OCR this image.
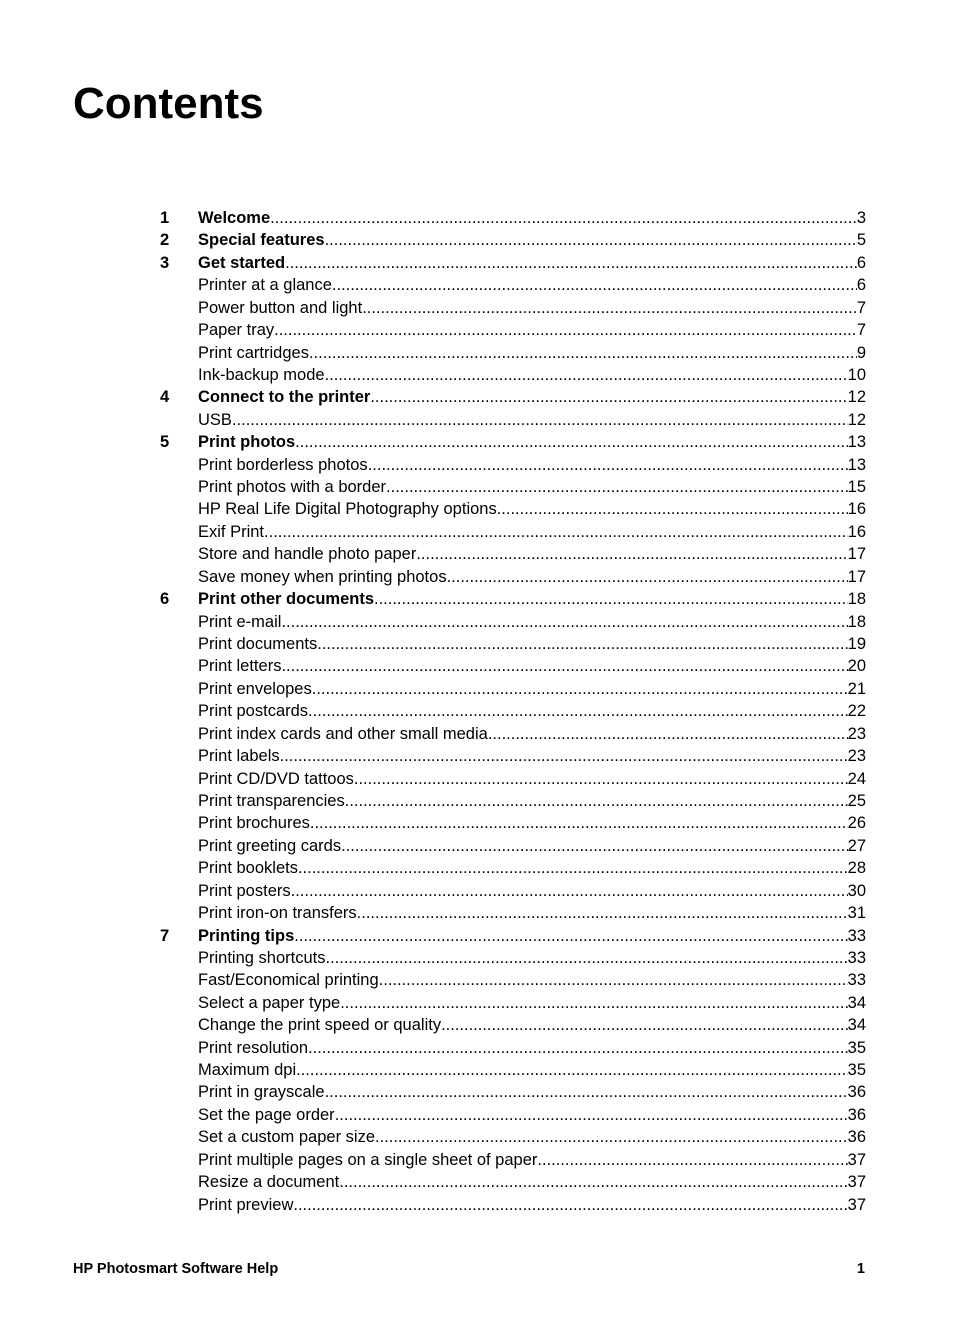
Contents
1	Welcome .....	3
2	Special features .....	5
3	Get started .....	6
Printer at a glance .....	6
Power button and light .....	7
Paper tray .....	7
Print cartridges .....	9
Ink-backup mode .....	10
4	Connect to the printer .....	12
USB .....	12
5	Print photos .....	13
Print borderless photos .....	13
Print photos with a border .....	15
HP Real Life Digital Photography options .....	16
Exif Print .....	16
Store and handle photo paper .....	17
Save money when printing photos .....	17
6	Print other documents .....	18
Print e-mail .....	18
Print documents .....	19
Print letters .....	20
Print envelopes .....	21
Print postcards .....	22
Print index cards and other small media .....	23
Print labels .....	23
Print CD/DVD tattoos .....	24
Print transparencies .....	25
Print brochures .....	26
Print greeting cards .....	27
Print booklets .....	28
Print posters .....	30
Print iron-on transfers .....	31
7	Printing tips .....	33
Printing shortcuts .....	33
Fast/Economical printing .....	33
Select a paper type .....	34
Change the print speed or quality .....	34
Print resolution .....	35
Maximum dpi .....	35
Print in grayscale .....	36
Set the page order .....	36
Set a custom paper size .....	36
Print multiple pages on a single sheet of paper .....	37
Resize a document .....	37
Print preview .....	37
HP Photosmart Software Help	1
